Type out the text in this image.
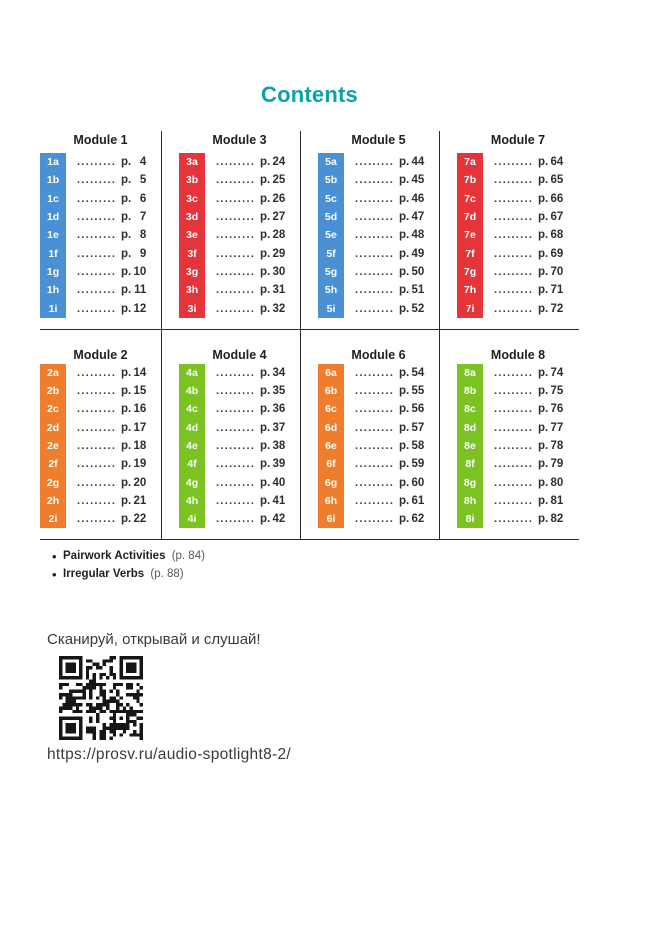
Contents
Module 1
1a	......... p. 4
1b	......... p. 5
1c	......... p. 6
1d	......... p. 7
1e	......... p. 8
1f	......... p. 9
1g	......... p. 10
1h	......... p. 11
1i	......... p. 12
Module 3
3a	......... p. 24
3b	......... p. 25
3c	......... p. 26
3d	......... p. 27
3e	......... p. 28
3f	......... p. 29
3g	......... p. 30
3h	......... p. 31
3i	......... p. 32
Module 5
5a	......... p. 44
5b	......... p. 45
5c	......... p. 46
5d	......... p. 47
5e	......... p. 48
5f	......... p. 49
5g	......... p. 50
5h	......... p. 51
5i	......... p. 52
Module 7
7a	......... p. 64
7b	......... p. 65
7c	......... p. 66
7d	......... p. 67
7e	......... p. 68
7f	......... p. 69
7g	......... p. 70
7h	......... p. 71
7i	......... p. 72
Module 2
2a	......... p. 14
2b	......... p. 15
2c	......... p. 16
2d	......... p. 17
2e	......... p. 18
2f	......... p. 19
2g	......... p. 20
2h	......... p. 21
2i	......... p. 22
Module 4
4a	......... p. 34
4b	......... p. 35
4c	......... p. 36
4d	......... p. 37
4e	......... p. 38
4f	......... p. 39
4g	......... p. 40
4h	......... p. 41
4i	......... p. 42
Module 6
6a	......... p. 54
6b	......... p. 55
6c	......... p. 56
6d	......... p. 57
6e	......... p. 58
6f	......... p. 59
6g	......... p. 60
6h	......... p. 61
6i	......... p. 62
Module 8
8a	......... p. 74
8b	......... p. 75
8c	......... p. 76
8d	......... p. 77
8e	......... p. 78
8f	......... p. 79
8g	......... p. 80
8h	......... p. 81
8i	......... p. 82
• Pairwork Activities (p. 84)
• Irregular Verbs (p. 88)
Сканируй, открывай и слушай!
https://prosv.ru/audio-spotlight8-2/
